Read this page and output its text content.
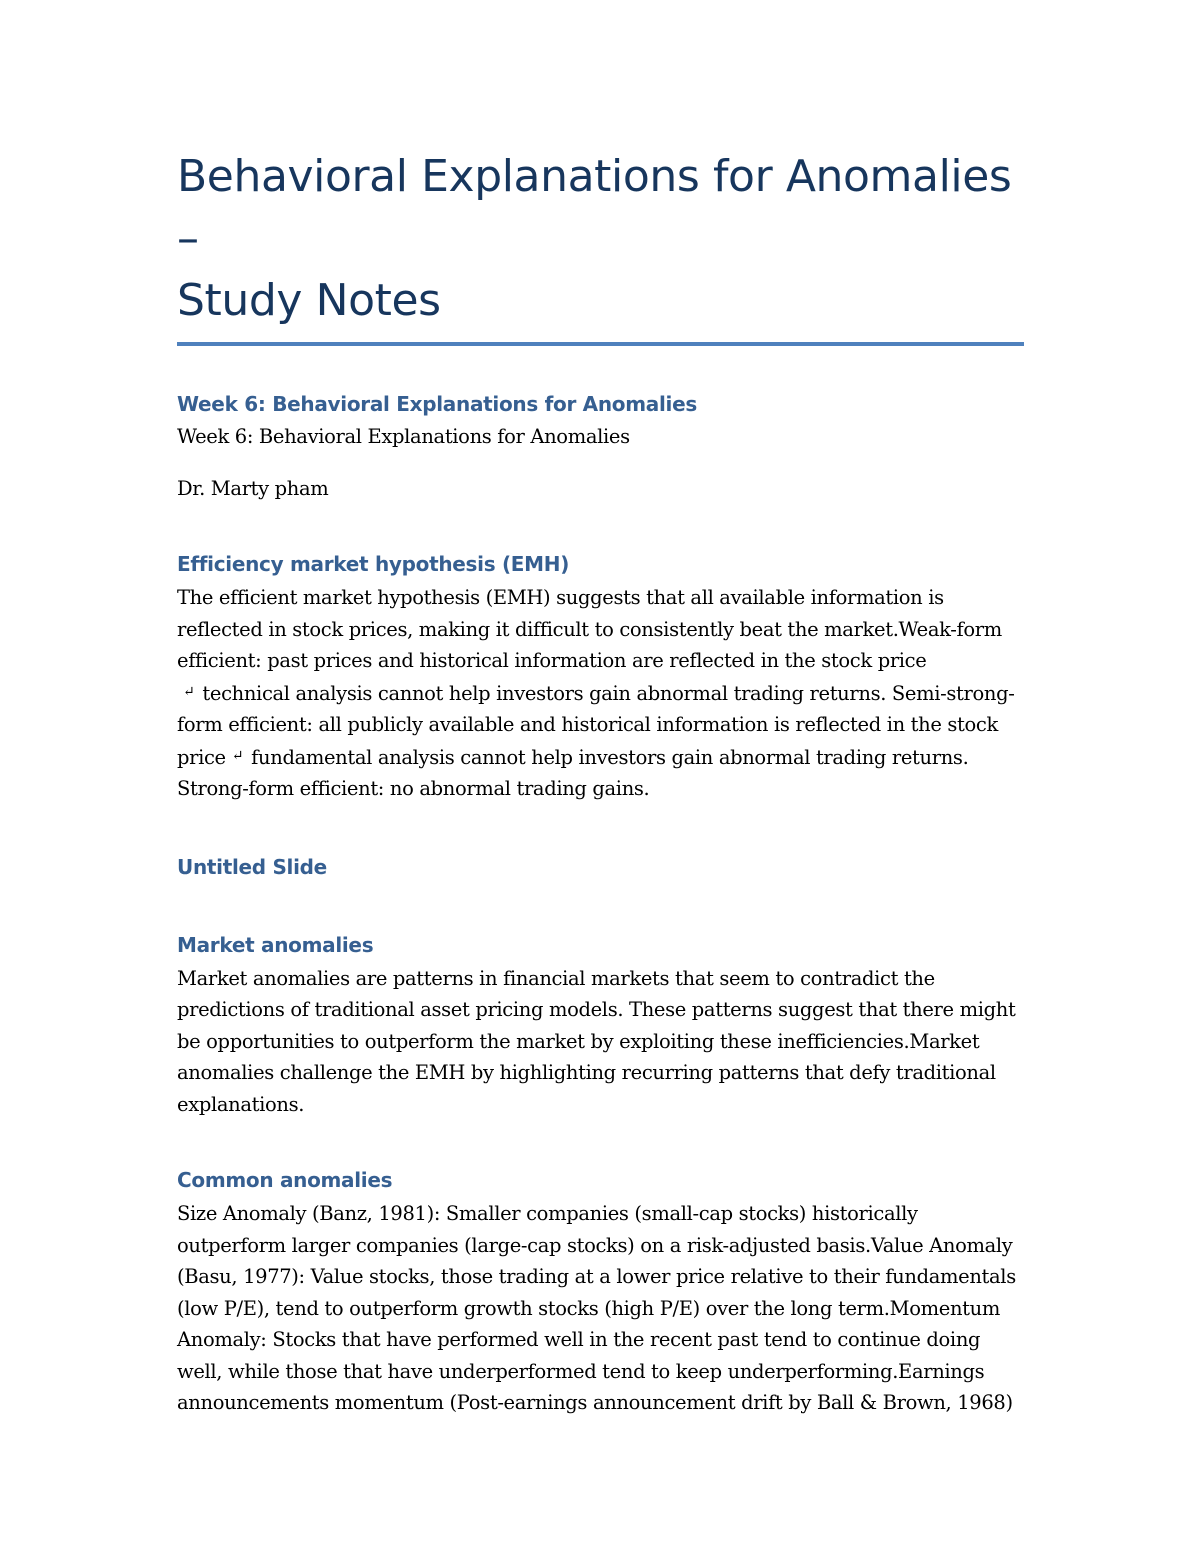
Behavioral Explanations for Anomalies –
Study Notes
Week 6: Behavioral Explanations for Anomalies

Week 6: Behavioral Explanations for Anomalies

Dr. Marty pham

Efficiency market hypothesis (EMH)

The efficient market hypothesis (EMH) suggests that all available information is reflected in stock prices, making it difficult to consistently beat the market.Weak-form efficient: past prices and historical information are reflected in the stock price
↵ technical analysis cannot help investors gain abnormal trading returns. Semi-strong-form efficient: all publicly available and historical information is reflected in the stock price ↵ fundamental analysis cannot help investors gain abnormal trading returns. Strong-form efficient: no abnormal trading gains.

Untitled Slide
Market anomalies

Market anomalies are patterns in financial markets that seem to contradict the predictions of traditional asset pricing models. These patterns suggest that there might be opportunities to outperform the market by exploiting these inefficiencies.Market anomalies challenge the EMH by highlighting recurring patterns that defy traditional explanations.

Common anomalies

Size Anomaly (Banz, 1981): Smaller companies (small-cap stocks) historically outperform larger companies (large-cap stocks) on a risk-adjusted basis.Value Anomaly (Basu, 1977): Value stocks, those trading at a lower price relative to their fundamentals (low P/E), tend to outperform growth stocks (high P/E) over the long term.Momentum Anomaly: Stocks that have performed well in the recent past tend to continue doing well, while those that have underperformed tend to keep underperforming.Earnings announcements momentum (Post-earnings announcement drift by Ball & Brown, 1968)
